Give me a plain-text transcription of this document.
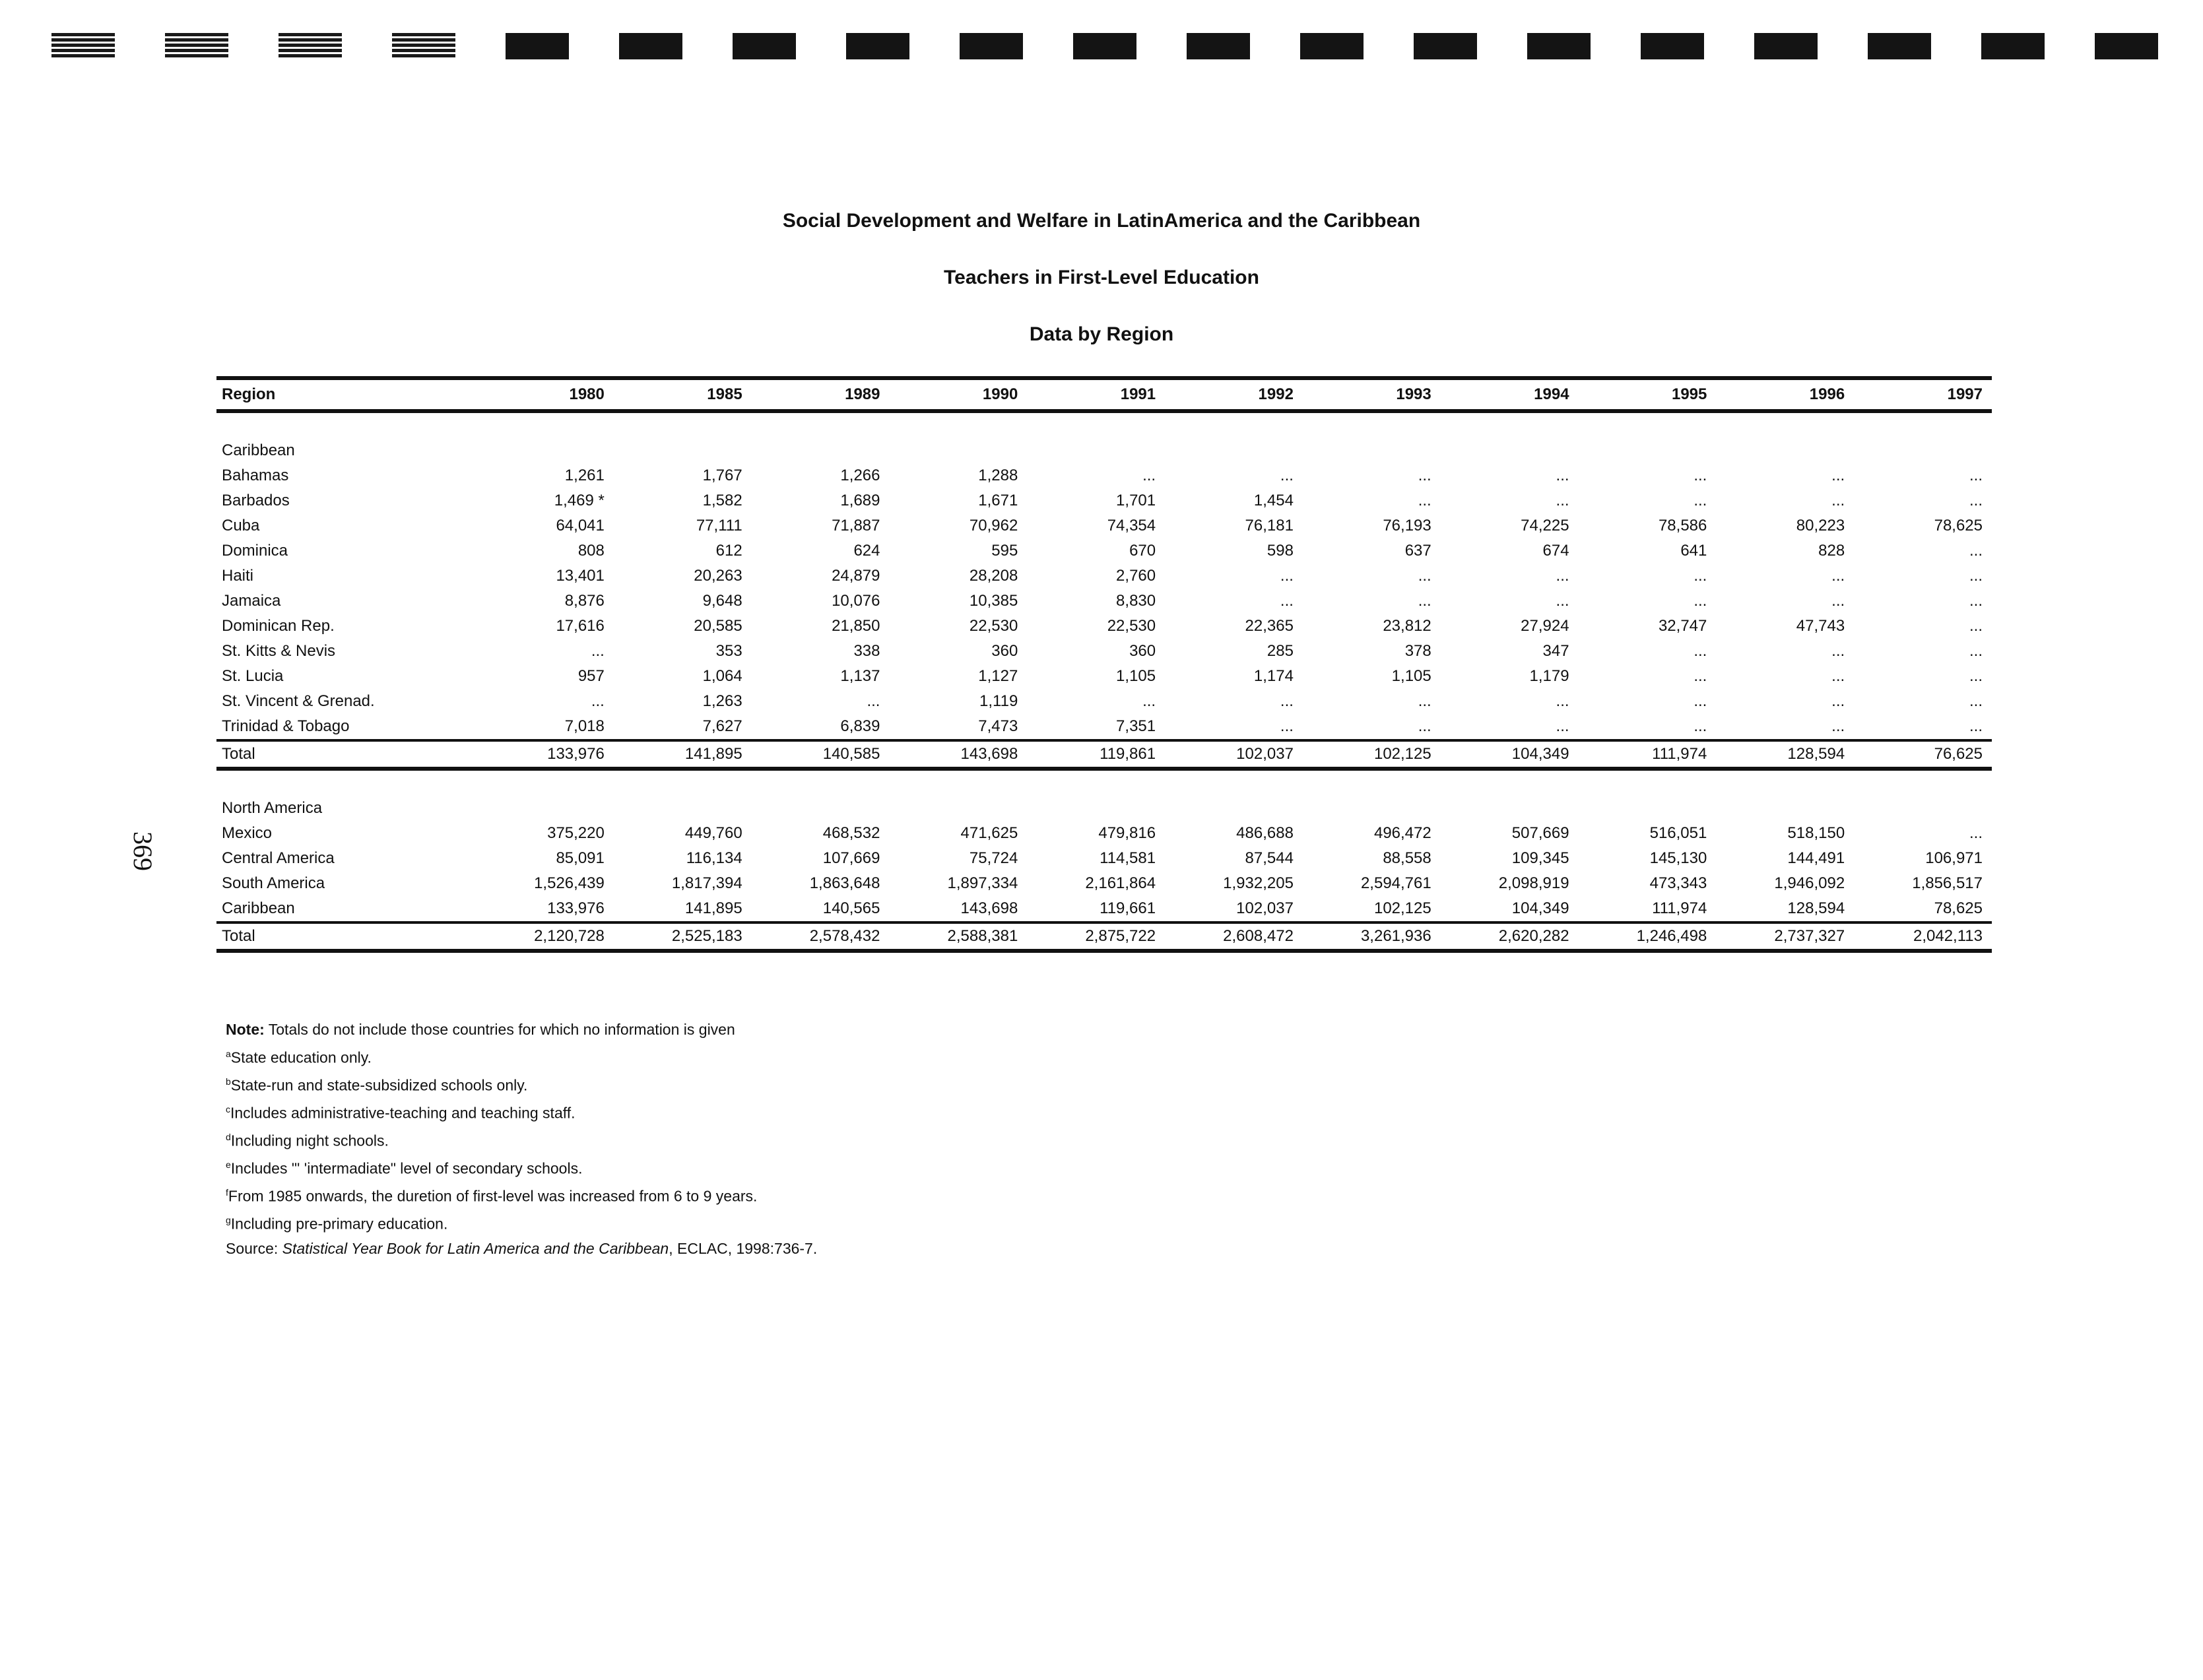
369
Social Development and Welfare in LatinAmerica and the Caribbean
Teachers in First-Level Education
Data by Region
Region	1980	1985	1989	1990	1991	1992	1993	1994	1995	1996	1997

Caribbean											
Bahamas	1,261	1,767	1,266	1,288	...	...	...	...	...	...	...
Barbados	1,469 *	1,582	1,689	1,671	1,701	1,454	...	...	...	...	...
Cuba	64,041	77,111	71,887	70,962	74,354	76,181	76,193	74,225	78,586	80,223	78,625
Dominica	808	612	624	595	670	598	637	674	641	828	...
Haiti	13,401	20,263	24,879	28,208	2,760	...	...	...	...	...	...
Jamaica	8,876	9,648	10,076	10,385	8,830	...	...	...	...	...	...
Dominican Rep.	17,616	20,585	21,850	22,530	22,530	22,365	23,812	27,924	32,747	47,743	...
St. Kitts & Nevis	...	353	338	360	360	285	378	347	...	...	...
St. Lucia	957	1,064	1,137	1,127	1,105	1,174	1,105	1,179	...	...	...
St. Vincent & Grenad.	...	1,263	...	1,119	...	...	...	...	...	...	...
Trinidad & Tobago	7,018	7,627	6,839	7,473	7,351	...	...	...	...	...	...
Total	133,976	141,895	140,585	143,698	119,861	102,037	102,125	104,349	111,974	128,594	76,625

North America											
Mexico	375,220	449,760	468,532	471,625	479,816	486,688	496,472	507,669	516,051	518,150	...
Central America	85,091	116,134	107,669	75,724	114,581	87,544	88,558	109,345	145,130	144,491	106,971
South America	1,526,439	1,817,394	1,863,648	1,897,334	2,161,864	1,932,205	2,594,761	2,098,919	473,343	1,946,092	1,856,517
Caribbean	133,976	141,895	140,565	143,698	119,661	102,037	102,125	104,349	111,974	128,594	78,625
Total	2,120,728	2,525,183	2,578,432	2,588,381	2,875,722	2,608,472	3,261,936	2,620,282	1,246,498	2,737,327	2,042,113
Note: Totals do not include those countries for which no information is given
$^a$State education only.
$^b$State-run and state-subsidized schools only.
$^c$Includes administrative-teaching and teaching staff.
$^d$Including night schools.
$^e$Includes "' 'intermadiate" level of secondary schools.
$^f$From 1985 onwards, the duretion of first-level was increased from 6 to 9 years.
$^g$Including pre-primary education.
Source: Statistical Year Book for Latin America and the Caribbean, ECLAC, 1998:736-7.
